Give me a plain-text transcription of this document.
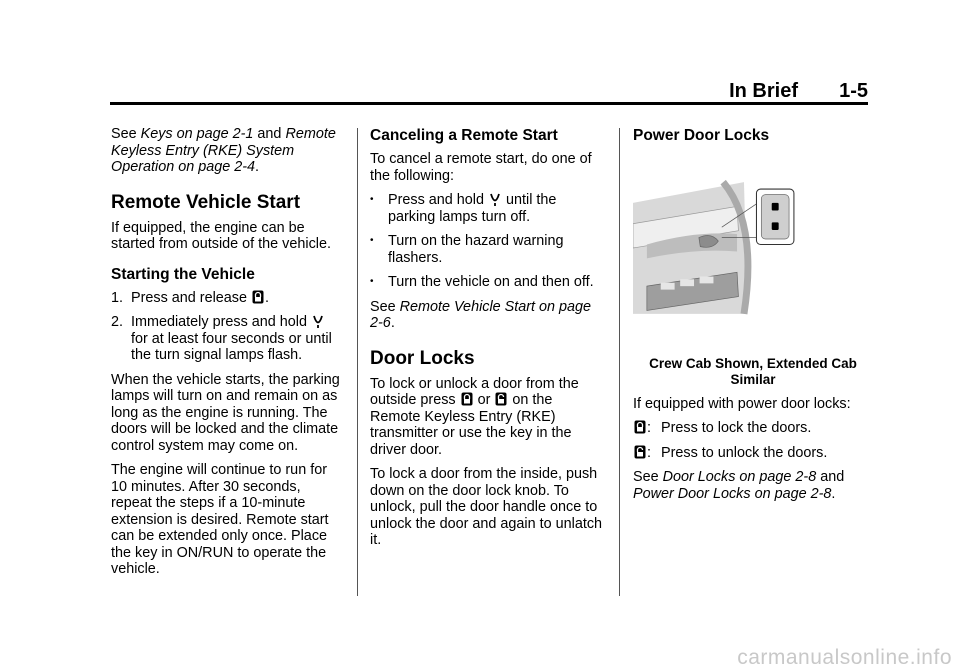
In Brief 1-5

See Keys on page 2-1 and Remote Keyless Entry (RKE) System Operation on page 2-4.

Remote Vehicle Start

If equipped, the engine can be started from outside of the vehicle.

Starting the Vehicle
1. Press and release .
2. Immediately press and hold  for at least four seconds or until the turn signal lamps flash.

When the vehicle starts, the parking lamps will turn on and remain on as long as the engine is running. The doors will be locked and the climate control system may come on.

The engine will continue to run for 10 minutes. After 30 seconds, repeat the steps if a 10-minute extension is desired. Remote start can be extended only once. Place the key in ON/RUN to operate the vehicle.

Canceling a Remote Start

To cancel a remote start, do one of the following:

•	Press and hold until the parking lamps turn off.
•	Turn on the hazard warning flashers.
•	Turn the vehicle on and then off.

See Remote Vehicle Start on page 2-6.

Door Locks

To lock or unlock a door from the outside press or on the Remote Keyless Entry (RKE) transmitter or use the key in the driver door.

To lock a door from the inside, push down on the door lock knob. To unlock, pull the door handle once to unlock the door and again to unlatch it.

Power Door Locks

Crew Cab Shown, Extended Cab Similar

If equipped with power door locks:

: Press to lock the doors.
: Press to unlock the doors.

See Door Locks on page 2-8 and Power Door Locks on page 2-8.

carmanualsonline.info
